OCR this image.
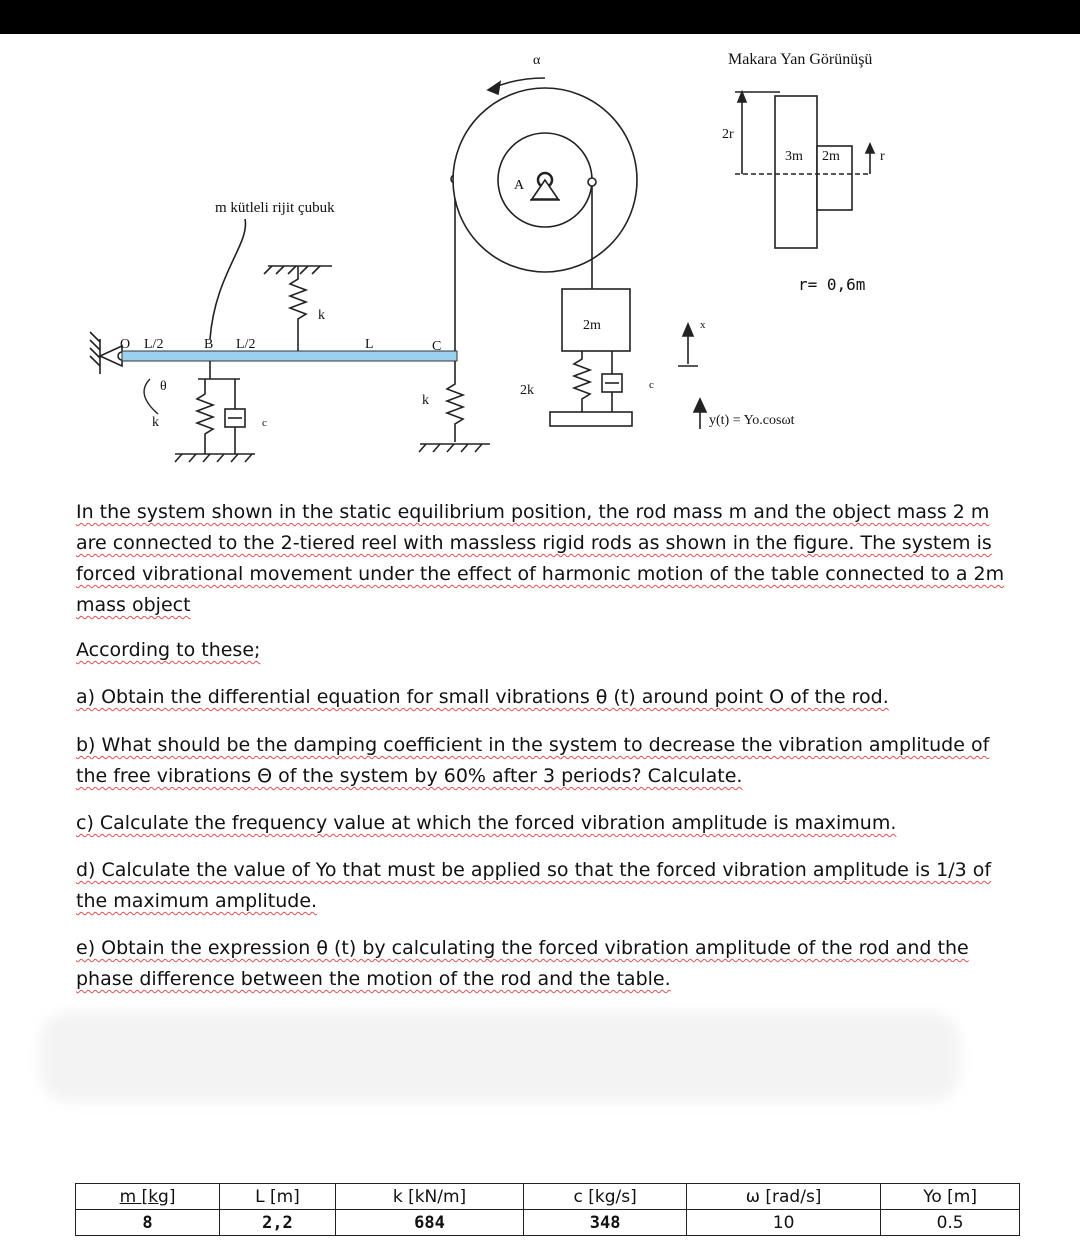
α	Makara Yan Görünüşü
2r
3m 2m	r
A
m kütleli rijit çubuk
k
O L/2	B L/2	L	C
θ
k	c
k
2m
2k	c
x
y(t) = Yo.cosωt
r= 0,6m
In the system shown in the static equilibrium position, the rod mass m and the object mass 2 m are connected to the 2-tiered reel with massless rigid rods as shown in the figure. The system is forced vibrational movement under the effect of harmonic motion of the table connected to a 2m mass object
According to these;
a) Obtain the differential equation for small vibrations θ (t) around point O of the rod.
b) What should be the damping coefficient in the system to decrease the vibration amplitude of the free vibrations Θ of the system by 60% after 3 periods? Calculate.
c) Calculate the frequency value at which the forced vibration amplitude is maximum.
d) Calculate the value of Yo that must be applied so that the forced vibration amplitude is 1/3 of the maximum amplitude.
e) Obtain the expression θ (t) by calculating the forced vibration amplitude of the rod and the phase difference between the motion of the rod and the table.
m [kg]	L [m]	k [kN/m]	c [kg/s]	ω [rad/s]	Yo [m]
8	2,2	684	348	10	0.5
